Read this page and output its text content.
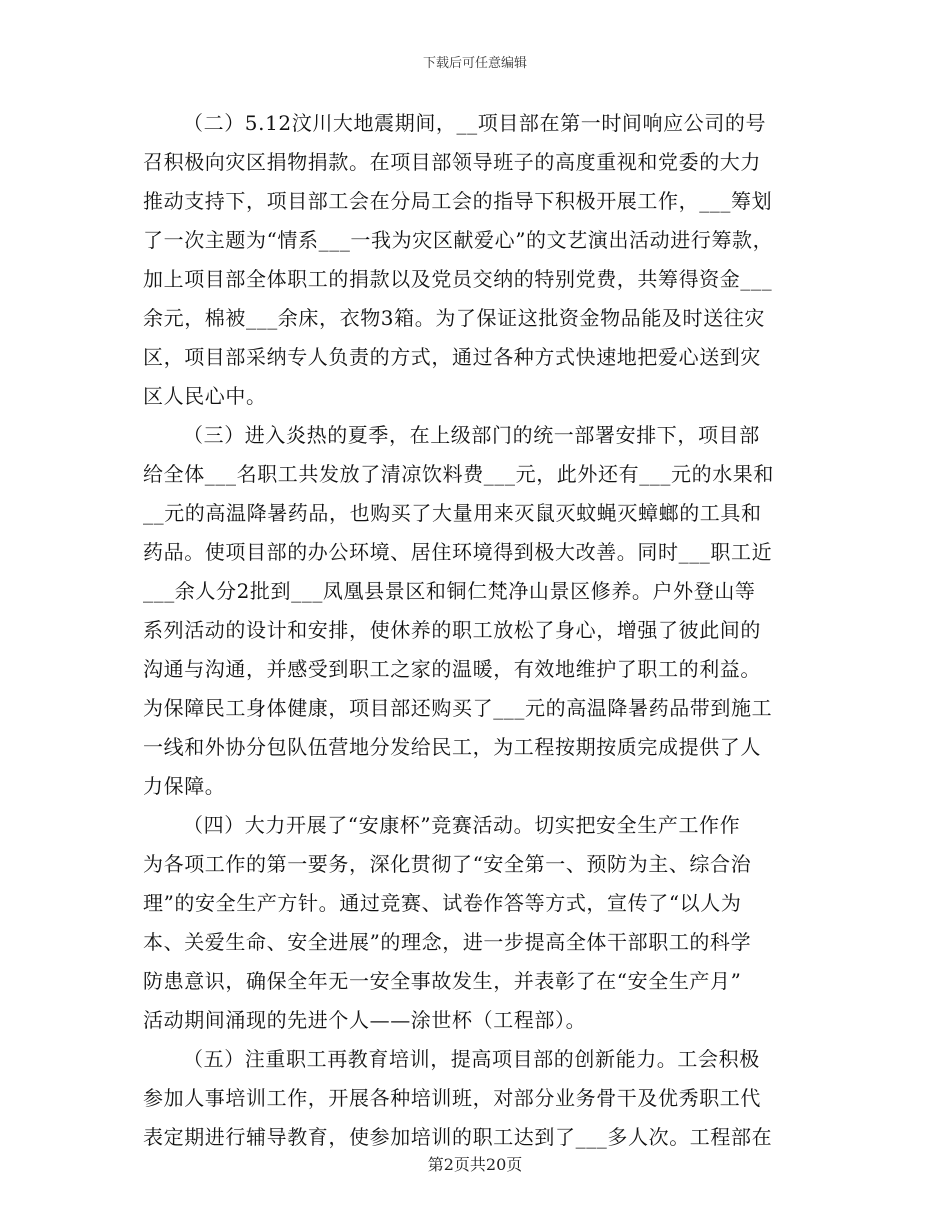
下载后可任意编辑
（二）5.12汶川大地震期间，__项目部在第一时间响应公司的号
召积极向灾区捐物捐款。在项目部领导班子的高度重视和党委的大力
推动支持下，项目部工会在分局工会的指导下积极开展工作，___筹划
了一次主题为“情系___一我为灾区献爱心”的文艺演出活动进行筹款，
加上项目部全体职工的捐款以及党员交纳的特别党费，共筹得资金___
余元，棉被___余床，衣物3箱。为了保证这批资金物品能及时送往灾
区，项目部采纳专人负责的方式，通过各种方式快速地把爱心送到灾
区人民心中。
（三）进入炎热的夏季，在上级部门的统一部署安排下，项目部
给全体___名职工共发放了清凉饮料费___元，此外还有___元的水果和
__元的高温降暑药品，也购买了大量用来灭鼠灭蚊蝇灭蟑螂的工具和
药品。使项目部的办公环境、居住环境得到极大改善。同时___职工近
___余人分2批到___凤凰县景区和铜仁梵净山景区修养。户外登山等
系列活动的设计和安排，使休养的职工放松了身心，增强了彼此间的
沟通与沟通，并感受到职工之家的温暖，有效地维护了职工的利益。
为保障民工身体健康，项目部还购买了___元的高温降暑药品带到施工
一线和外协分包队伍营地分发给民工，为工程按期按质完成提供了人
力保障。
（四）大力开展了“安康杯”竞赛活动。切实把安全生产工作作
为各项工作的第一要务，深化贯彻了“安全第一、预防为主、综合治
理”的安全生产方针。通过竞赛、试卷作答等方式，宣传了“以人为
本、关爱生命、安全进展”的理念，进一步提高全体干部职工的科学
防患意识，确保全年无一安全事故发生，并表彰了在“安全生产月”
活动期间涌现的先进个人——涂世杯（工程部）。
（五）注重职工再教育培训，提高项目部的创新能力。工会积极
参加人事培训工作，开展各种培训班，对部分业务骨干及优秀职工代
表定期进行辅导教育，使参加培训的职工达到了___多人次。工程部在
第2页共20页
